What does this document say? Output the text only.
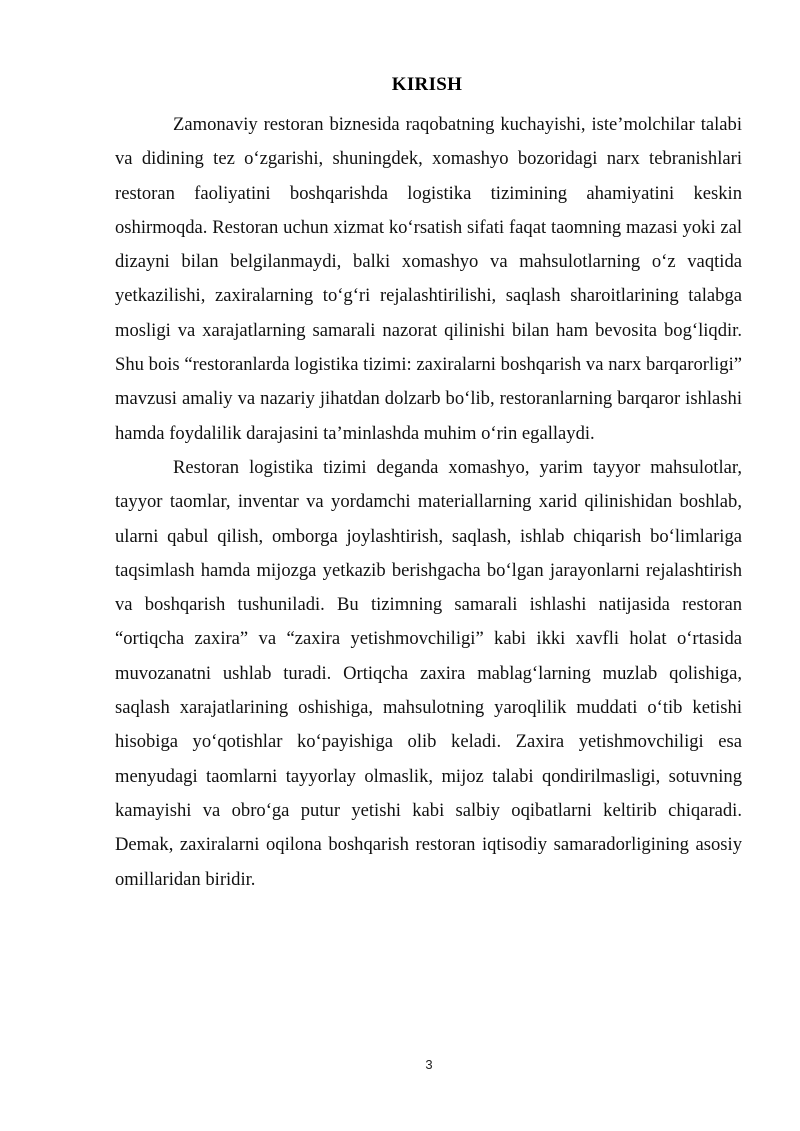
KIRISH

Zamonaviy restoran biznesida raqobatning kuchayishi, iste’molchilar talabi va didining tez o‘zgarishi, shuningdek, xomashyo bozoridagi narx tebranishlari restoran faoliyatini boshqarishda logistika tizimining ahamiyatini keskin oshirmoqda. Restoran uchun xizmat ko‘rsatish sifati faqat taomning mazasi yoki zal dizayni bilan belgilanmaydi, balki xomashyo va mahsulotlarning o‘z vaqtida yetkazilishi, zaxiralarning to‘g‘ri rejalashtirilishi, saqlash sharoitlarining talabga mosligi va xarajatlarning samarali nazorat qilinishi bilan ham bevosita bog‘liqdir. Shu bois “restoranlarda logistika tizimi: zaxiralarni boshqarish va narx barqarorligi” mavzusi amaliy va nazariy jihatdan dolzarb bo‘lib, restoranlarning barqaror ishlashi hamda foydalilik darajasini ta’minlashda muhim o‘rin egallaydi.

Restoran logistika tizimi deganda xomashyo, yarim tayyor mahsulotlar, tayyor taomlar, inventar va yordamchi materiallarning xarid qilinishidan boshlab, ularni qabul qilish, omborga joylashtirish, saqlash, ishlab chiqarish bo‘limlariga taqsimlash hamda mijozga yetkazib berishgacha bo‘lgan jarayonlarni rejalashtirish va boshqarish tushuniladi. Bu tizimning samarali ishlashi natijasida restoran “ortiqcha zaxira” va “zaxira yetishmovchiligi” kabi ikki xavfli holat o‘rtasida muvozanatni ushlab turadi. Ortiqcha zaxira mablag‘larning muzlab qolishiga, saqlash xarajatlarining oshishiga, mahsulotning yaroqlilik muddati o‘tib ketishi hisobiga yo‘qotishlar ko‘payishiga olib keladi. Zaxira yetishmovchiligi esa menyudagi taomlarni tayyorlay olmaslik, mijoz talabi qondirilmasligi, sotuvning kamayishi va obro‘ga putur yetishi kabi salbiy oqibatlarni keltirib chiqaradi. Demak, zaxiralarni oqilona boshqarish restoran iqtisodiy samaradorligining asosiy omillaridan biridir.

3
